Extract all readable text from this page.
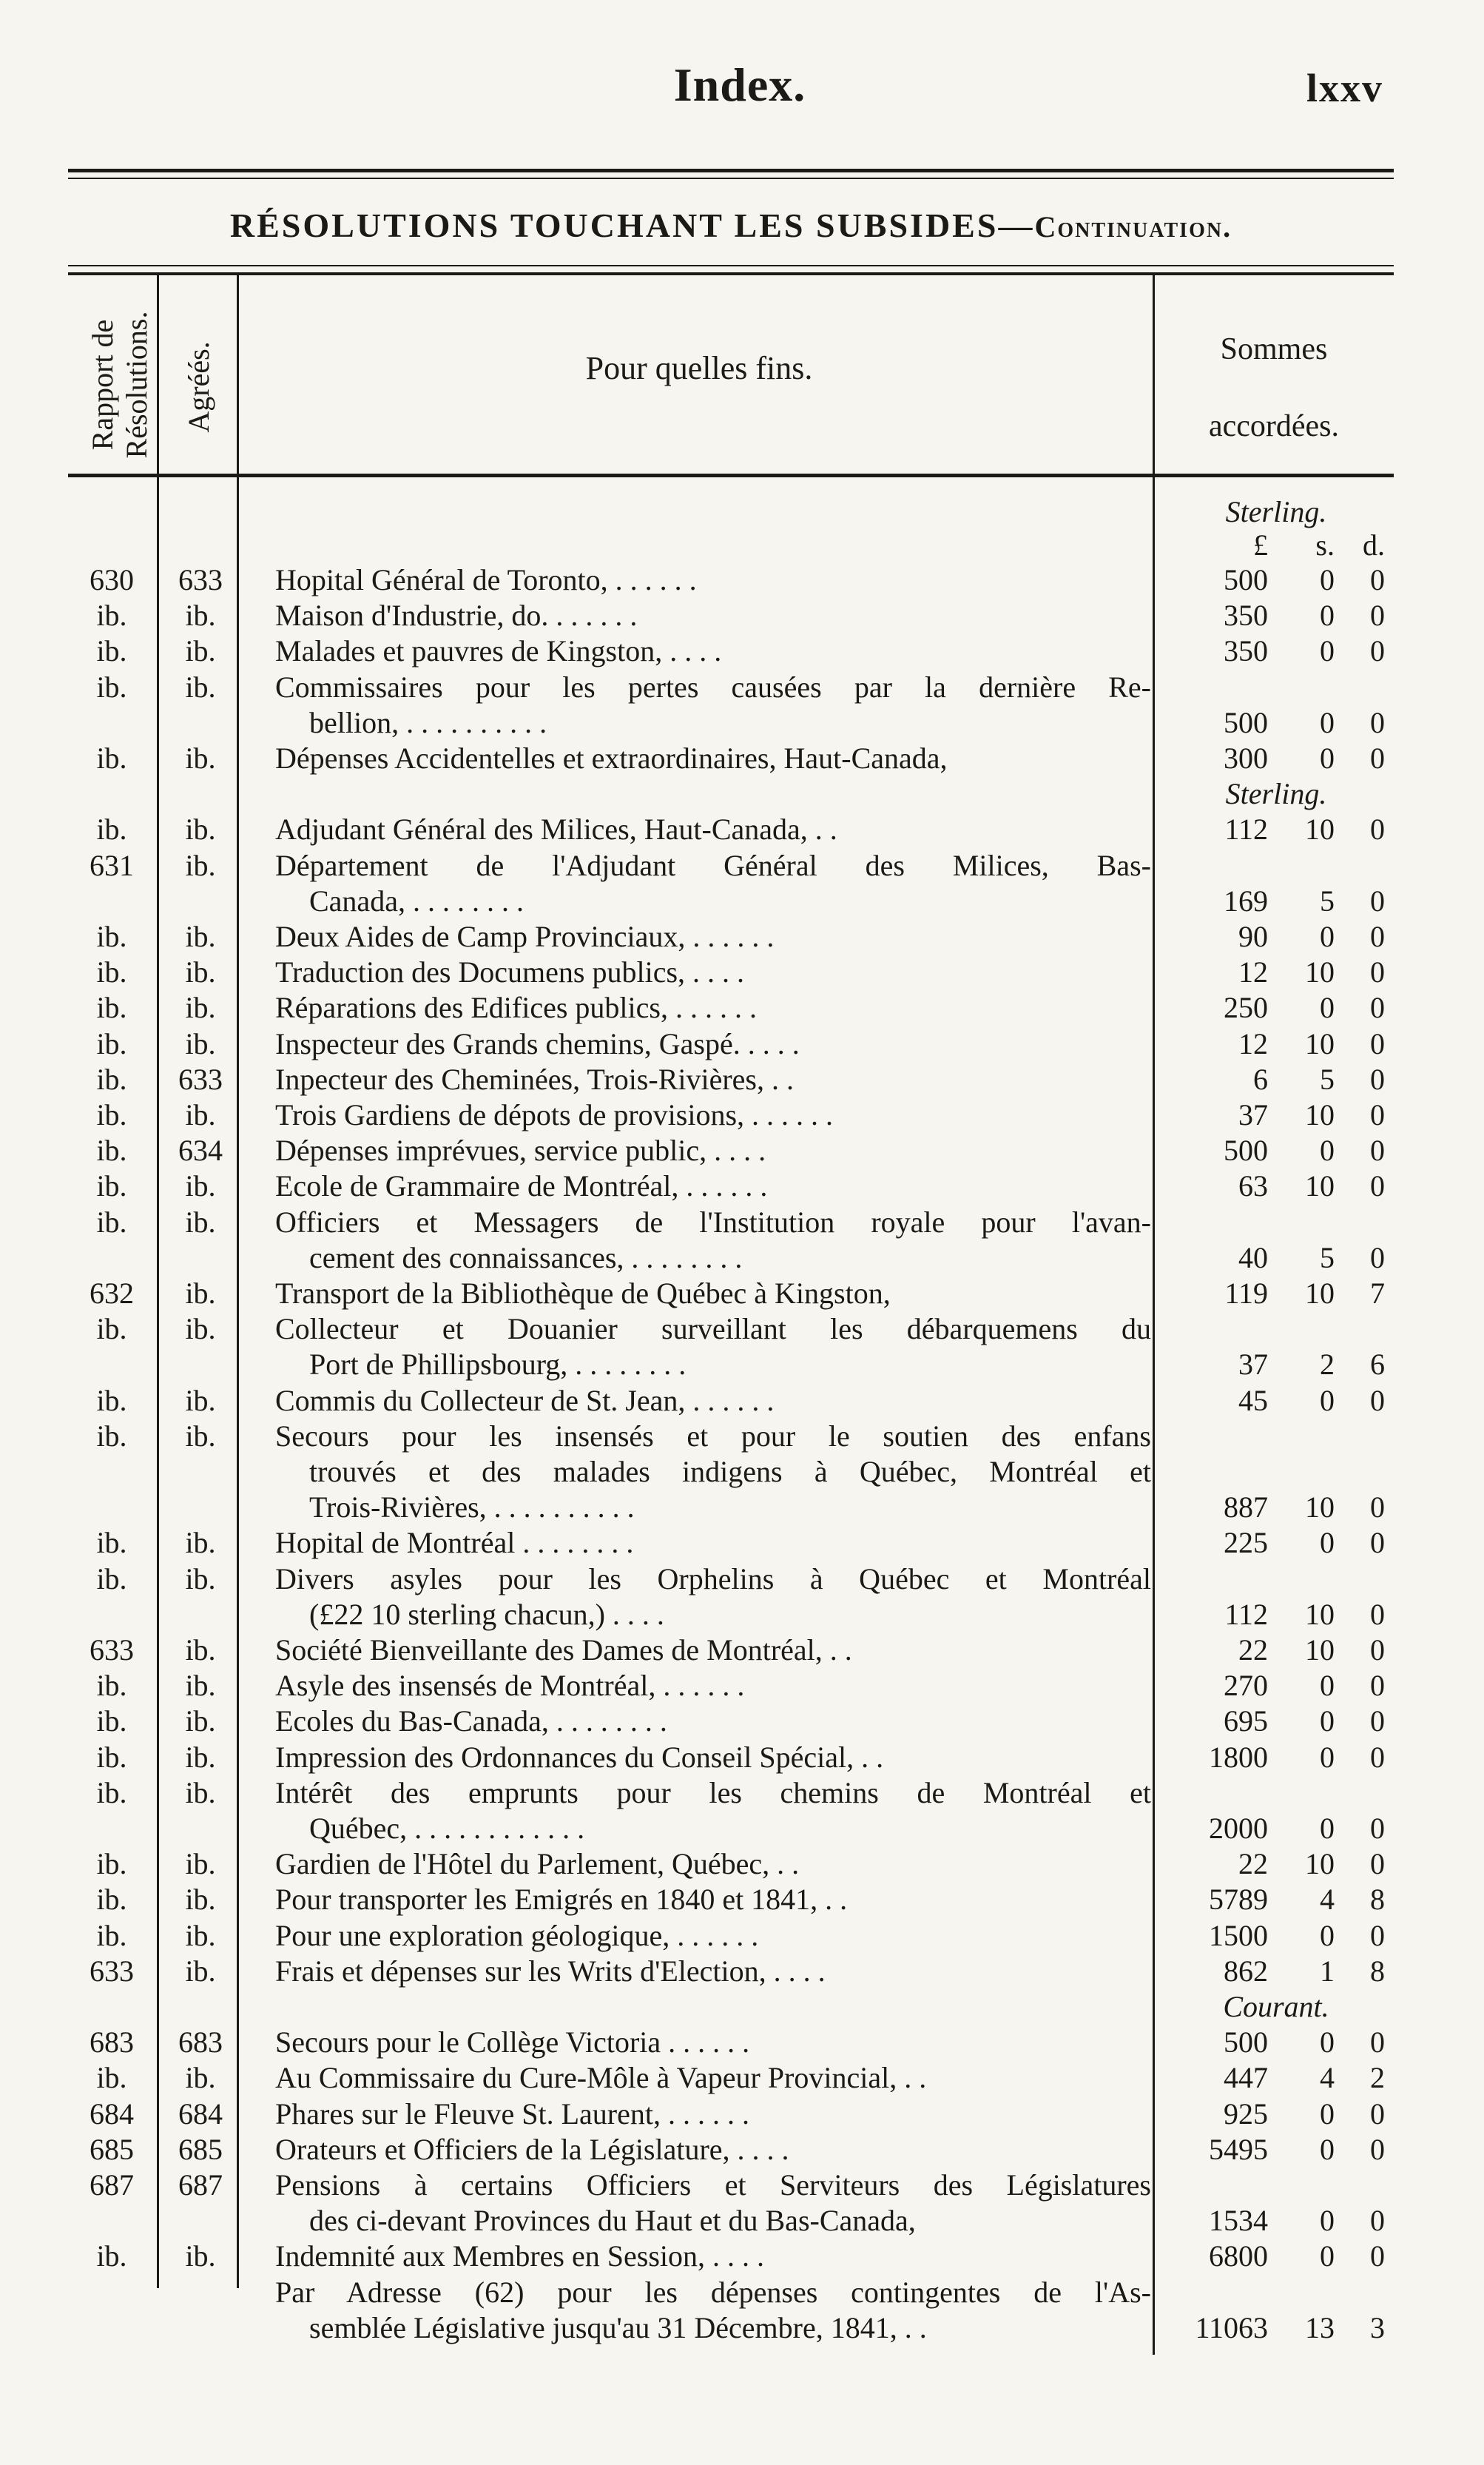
Index.	lxxv
RÉSOLUTIONS TOUCHANT LES SUBSIDES—Continuation.
Rapport de Résolutions. Agréés.	Pour quelles fins.
Sommes
accordées.
Sterling.
£	s. d.
630	633	Hopital Général de Toronto, . . . . . .	500	0	0
ib.	ib.	Maison d'Industrie, do. . . . . . .	350	0	0
ib.	ib.	Malades et pauvres de Kingston, . . . .	350	0	0
ib.	ib.	Commissaires pour les pertes causées par la dernière Re-
bellion, . . . . . . . . . .	500	0	0
ib.	ib.	Dépenses Accidentelles et extraordinaires, Haut-Canada,	300	0	0
Sterling.
ib.	ib.	Adjudant Général des Milices, Haut-Canada, . .	112	10	0
631	ib.	Département de l'Adjudant Général des Milices, Bas-
Canada, . . . . . . . .	169	5	0
ib.	ib.	Deux Aides de Camp Provinciaux, . . . . . .	90	0	0
ib.	ib.	Traduction des Documens publics, . . . .	12	10	0
ib.	ib.	Réparations des Edifices publics, . . . . . .	250	0	0
ib.	ib.	Inspecteur des Grands chemins, Gaspé. . . . .	12	10	0
ib.	633	Inpecteur des Cheminées, Trois-Rivières, . .	6	5	0
ib.	ib.	Trois Gardiens de dépots de provisions, . . . . . .	37	10	0
ib.	634	Dépenses imprévues, service public, . . . .	500	0	0
ib.	ib.	Ecole de Grammaire de Montréal, . . . . . .	63	10	0
ib.	ib.	Officiers et Messagers de l'Institution royale pour l'avan-
cement des connaissances, . . . . . . . .	40	5	0
632	ib.	Transport de la Bibliothèque de Québec à Kingston,	119	10	7
ib.	ib.	Collecteur et Douanier surveillant les débarquemens du
Port de Phillipsbourg, . . . . . . . .	37	2	6
ib.	ib.	Commis du Collecteur de St. Jean, . . . . . .	45	0	0
ib.	ib.	Secours pour les insensés et pour le soutien des enfans
trouvés et des malades indigens à Québec, Montréal et
Trois-Rivières, . . . . . . . . . .	887	10	0
ib.	ib.	Hopital de Montréal . . . . . . . .	225	0	0
ib.	ib.	Divers asyles pour les Orphelins à Québec et Montréal
(£22 10 sterling chacun,) . . . .	112	10	0
633	ib.	Société Bienveillante des Dames de Montréal, . .	22	10	0
ib.	ib.	Asyle des insensés de Montréal, . . . . . .	270	0	0
ib.	ib.	Ecoles du Bas-Canada, . . . . . . . .	695	0	0
ib.	ib.	Impression des Ordonnances du Conseil Spécial, . .	1800	0	0
ib.	ib.	Intérêt des emprunts pour les chemins de Montréal et
Québec, . . . . . . . . . . . .	2000	0	0
ib.	ib.	Gardien de l'Hôtel du Parlement, Québec, . .	22	10	0
ib.	ib.	Pour transporter les Emigrés en 1840 et 1841, . .	5789	4	8
ib.	ib.	Pour une exploration géologique, . . . . . .	1500	0	0
633	ib.	Frais et dépenses sur les Writs d'Election, . . . .	862	1	8
Courant.
683	683	Secours pour le Collège Victoria . . . . . .	500	0	0
ib.	ib.	Au Commissaire du Cure-Môle à Vapeur Provincial, . .	447	4	2
684	684	Phares sur le Fleuve St. Laurent, . . . . . .	925	0	0
685	685	Orateurs et Officiers de la Législature, . . . .	5495	0	0
687	687	Pensions à certains Officiers et Serviteurs des Législatures
des ci-devant Provinces du Haut et du Bas-Canada,	1534	0	0
ib.	ib.	Indemnité aux Membres en Session, . . . .	6800	0	0
Par Adresse (62) pour les dépenses contingentes de l'As-
semblée Législative jusqu'au 31 Décembre, 1841, . .	11063	13	3
